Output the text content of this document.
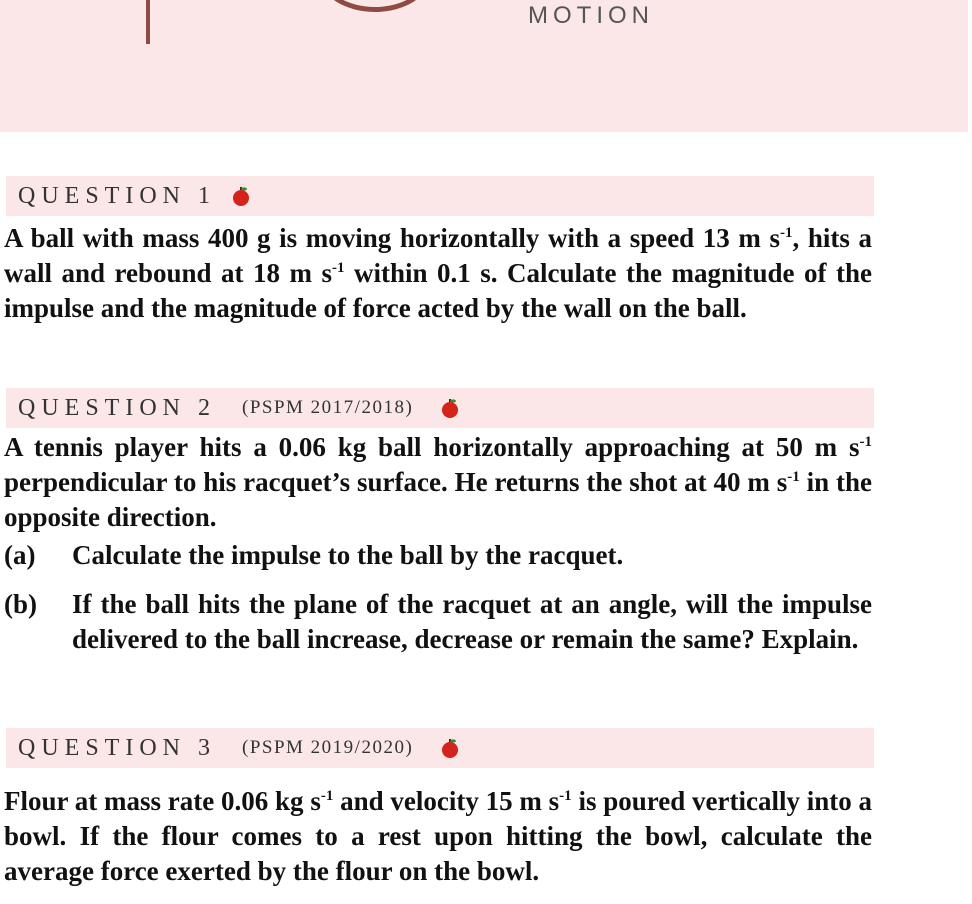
MOTION
QUESTION 1

A ball with mass 400 g is moving horizontally with a speed 13 m $s^{-1}$, hits a wall and rebound at 18 m $s^{-1}$ within 0.1 s. Calculate the magnitude of the impulse and the magnitude of force acted by the wall on the ball.

QUESTION 2 (PSPM 2017/2018)

A tennis player hits a 0.06 kg ball horizontally approaching at 50 m $s^{-1}$ perpendicular to his racquet’s surface. He returns the shot at 40 m $s^{-1}$ in the opposite direction.

(a)	Calculate the impulse to the ball by the racquet.

(b)	If the ball hits the plane of the racquet at an angle, will the impulse delivered to the ball increase, decrease or remain the same? Explain.

QUESTION 3 (PSPM 2019/2020)

Flour at mass rate 0.06 kg $s^{-1}$ and velocity 15 m $s^{-1}$ is poured vertically into a bowl. If the flour comes to a rest upon hitting the bowl, calculate the average force exerted by the flour on the bowl.
